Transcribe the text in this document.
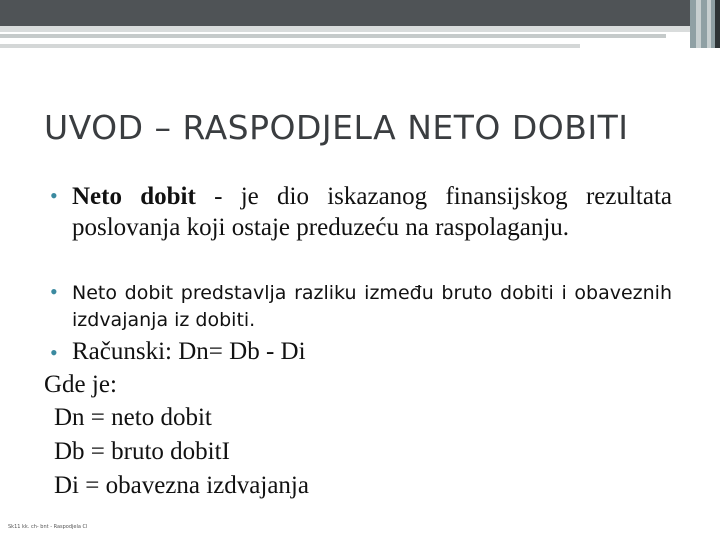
UVOD – RASPODJELA NETO DOBITI
• Neto dobit - je dio iskazanog finansijskog rezultata poslovanja koji ostaje preduzeću na raspolaganju.
• Neto dobit predstavlja razliku između bruto dobiti i obaveznih izdvajanja iz dobiti.
• Računski: Dn= Db - Di
Gde je:
Dn = neto dobit
Db = bruto dobitI
Di = obavezna izdvajanja
Sk11 kk. ch- bnt - Raspodjela Cl
